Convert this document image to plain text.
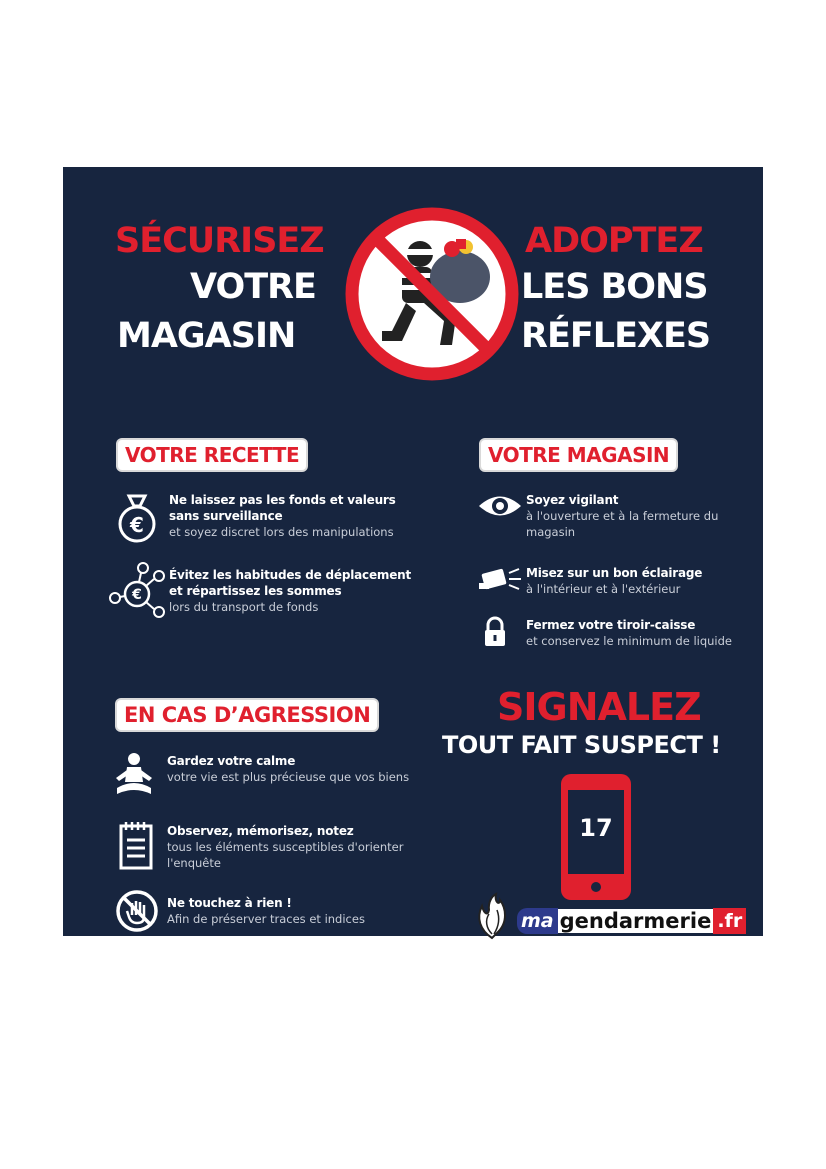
SÉCURISEZ
VOTRE
MAGASIN
ADOPTEZ
LES BONS
RÉFLEXES
VOTRE RECETTE
€
Ne laissez pas les fonds et valeurs sans surveillance
et soyez discret lors des manipulations
€
Évitez les habitudes de déplacement et répartissez les sommes
lors du transport de fonds
VOTRE MAGASIN
Soyez vigilant
à l'ouverture et à la fermeture du magasin
Misez sur un bon éclairage
à l'intérieur et à l'extérieur
Fermez votre tiroir-caisse
et conservez le minimum de liquide
EN CAS D’AGRESSION
Gardez votre calme
votre vie est plus précieuse que vos biens
Observez, mémorisez, notez
tous les éléments susceptibles d'orienter l'enquête
Ne touchez à rien !
Afin de préserver traces et indices
SIGNALEZ
TOUT FAIT SUSPECT !
17
ma gendarmerie .fr
